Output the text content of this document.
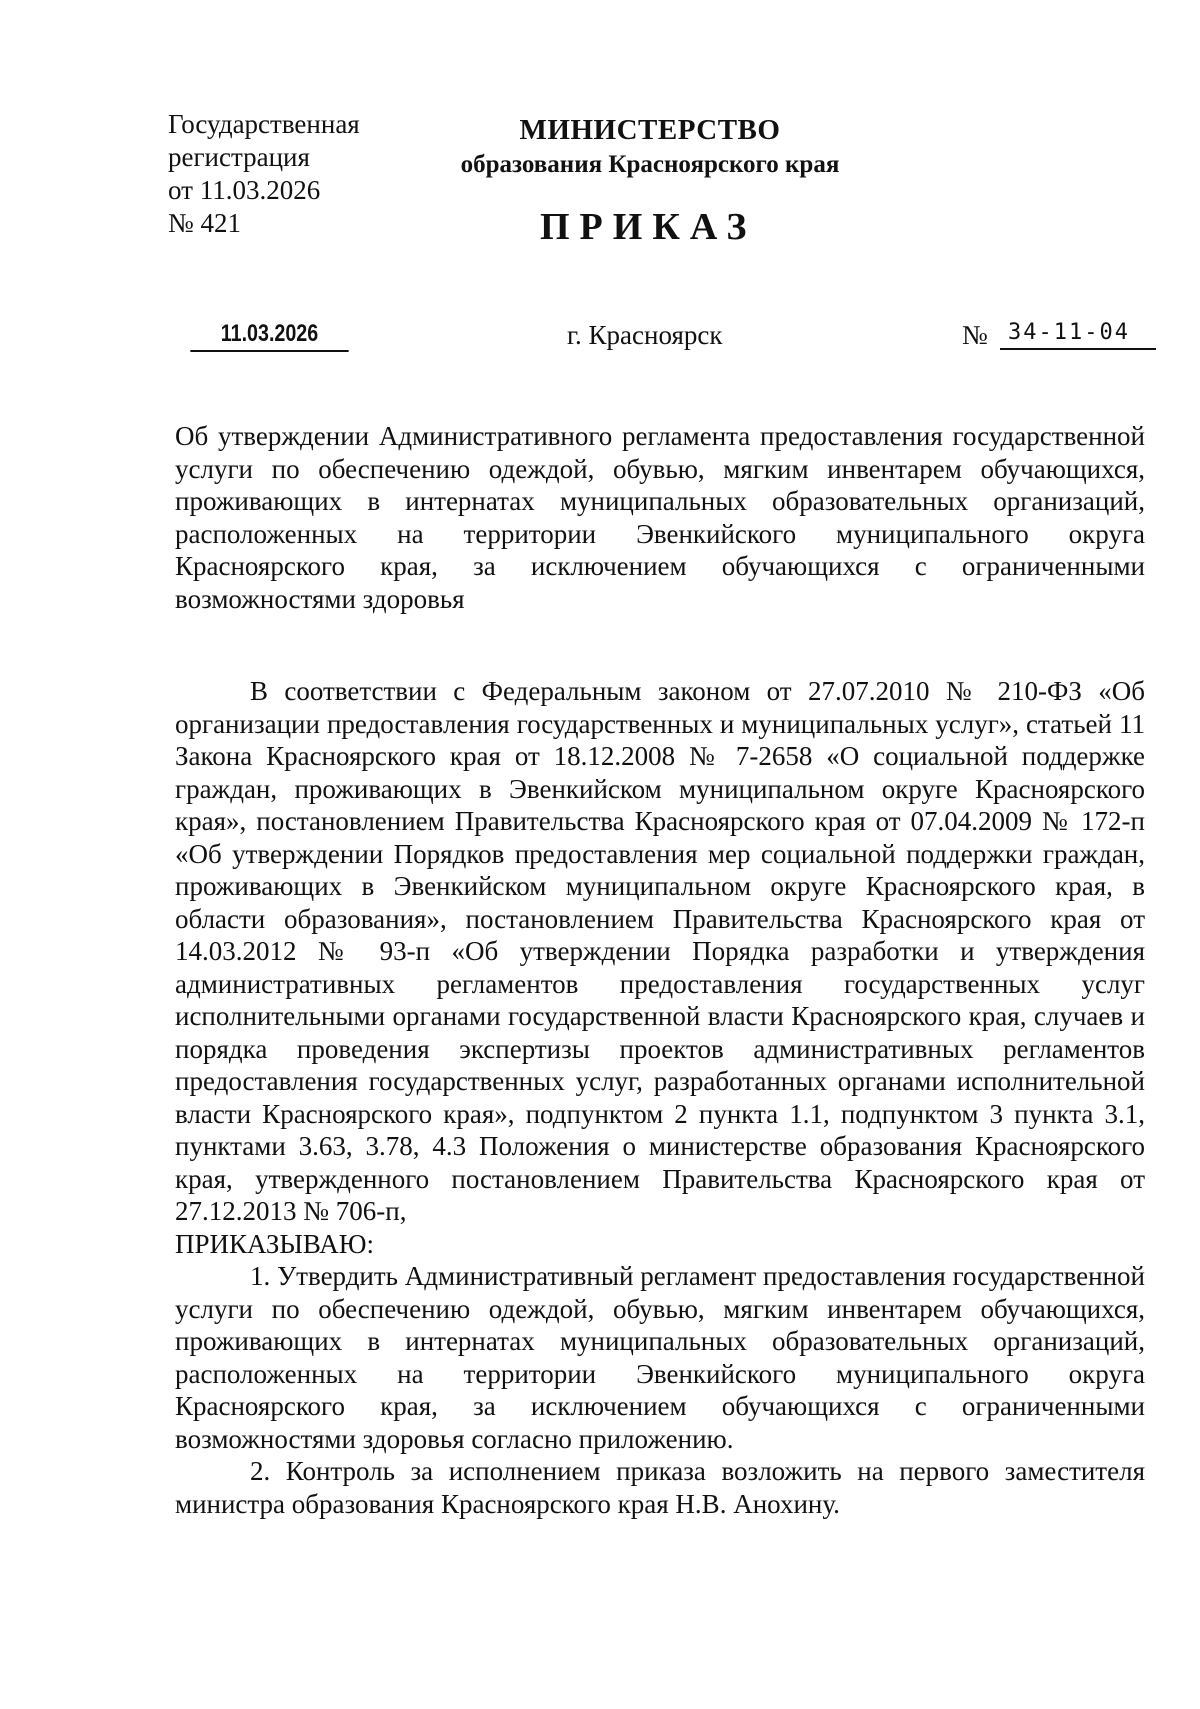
Государственная
регистрация
от 11.03.2026
№ 421
МИНИСТЕРСТВО
образования Красноярского края
ПРИКАЗ
11.03.2026	г. Красноярск	№ 34-11-04
Об утверждении Административного регламента предоставления государственной услуги по обеспечению одеждой, обувью, мягким инвентарем обучающихся, проживающих в интернатах муниципальных образовательных организаций, расположенных на территории Эвенкийского муниципального округа Красноярского края, за исключением обучающихся с ограниченными возможностями здоровья

В соответствии с Федеральным законом от 27.07.2010 № 210-ФЗ «Об организации предоставления государственных и муниципальных услуг», статьей 11 Закона Красноярского края от 18.12.2008 № 7-2658 «О социальной поддержке граждан, проживающих в Эвенкийском муниципальном округе Красноярского края», постановлением Правительства Красноярского края от 07.04.2009 № 172-п «Об утверждении Порядков предоставления мер социальной поддержки граждан, проживающих в Эвенкийском муниципальном округе Красноярского края, в области образования», постановлением Правительства Красноярского края от 14.03.2012 № 93-п «Об утверждении Порядка разработки и утверждения административных регламентов предоставления государственных услуг исполнительными органами государственной власти Красноярского края, случаев и порядка проведения экспертизы проектов административных регламентов предоставления государственных услуг, разработанных органами исполнительной власти Красноярского края», подпунктом 2 пункта 1.1, подпунктом 3 пункта 3.1, пунктами 3.63, 3.78, 4.3 Положения о министерстве образования Красноярского края, утвержденного постановлением Правительства Красноярского края от 27.12.2013 № 706-п,

ПРИКАЗЫВАЮ:

1. Утвердить Административный регламент предоставления государственной услуги по обеспечению одеждой, обувью, мягким инвентарем обучающихся, проживающих в интернатах муниципальных образовательных организаций, расположенных на территории Эвенкийского муниципального округа Красноярского края, за исключением обучающихся с ограниченными возможностями здоровья согласно приложению.

2. Контроль за исполнением приказа возложить на первого заместителя министра образования Красноярского края Н.В. Анохину.
